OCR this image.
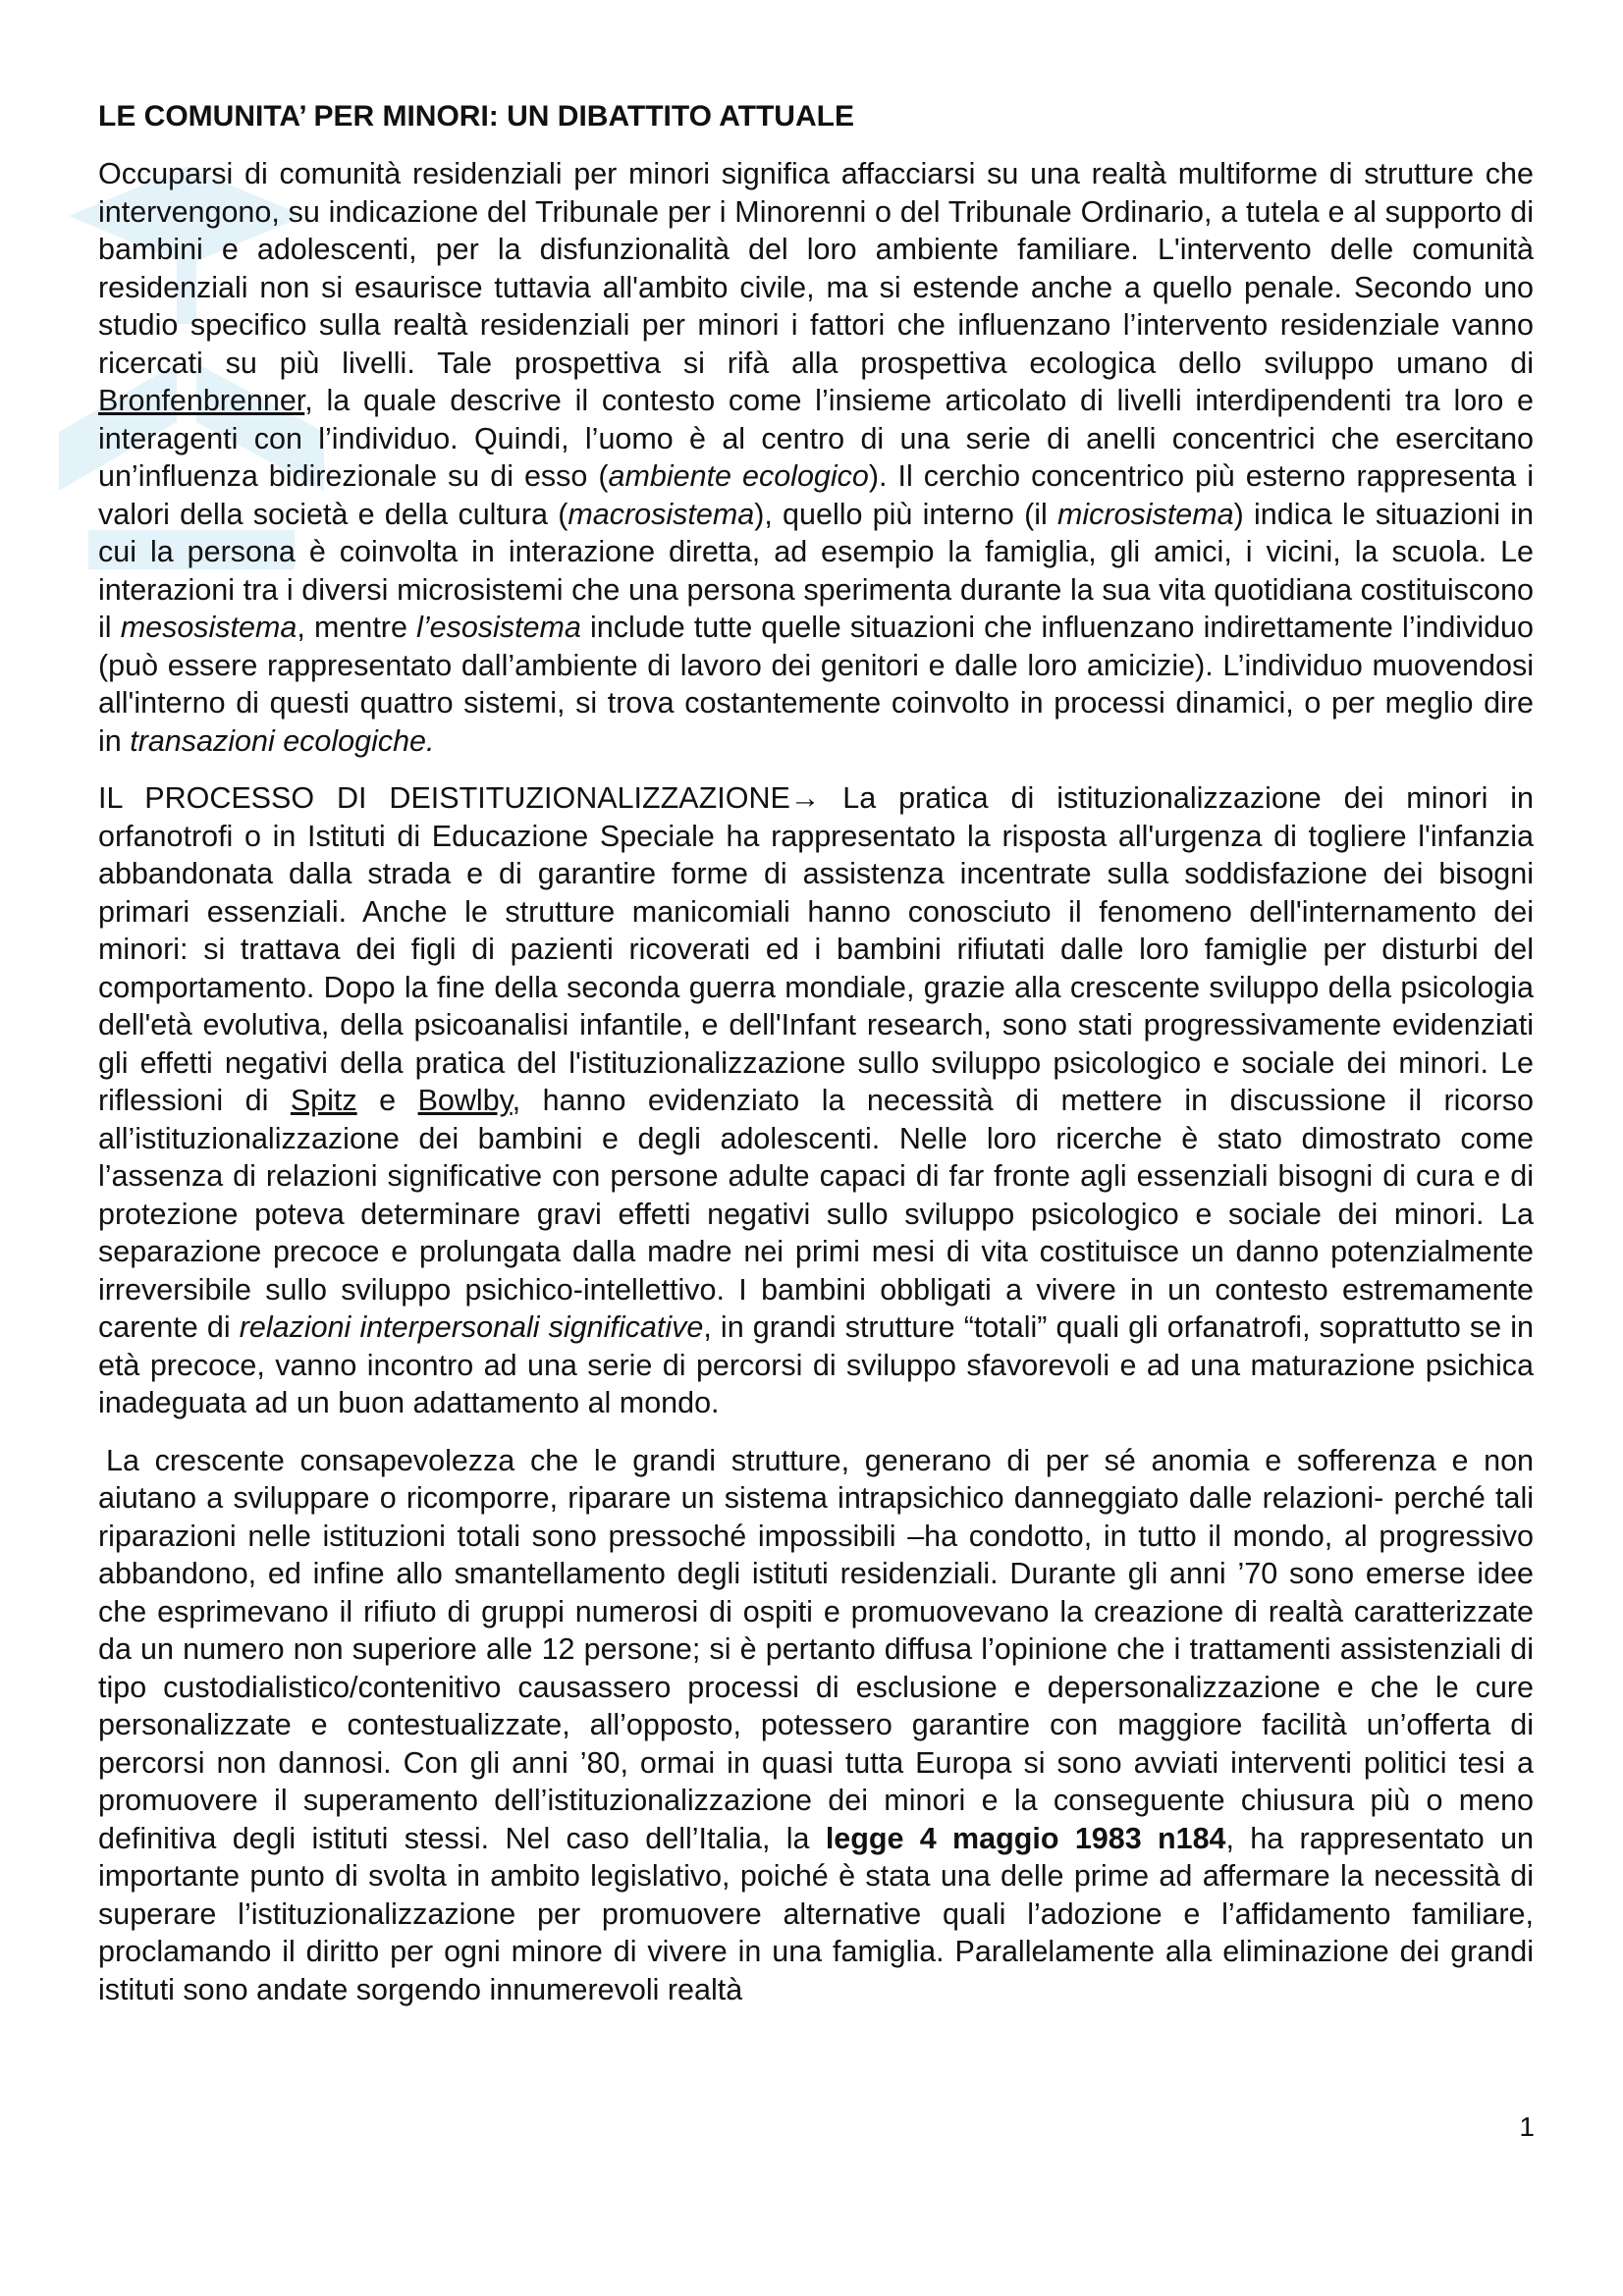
LE COMUNITA’ PER MINORI: UN DIBATTITO ATTUALE

Occuparsi di comunità residenziali per minori significa affacciarsi su una realtà multiforme di strutture che intervengono, su indicazione del Tribunale per i Minorenni o del Tribunale Ordinario, a tutela e al supporto di bambini e adolescenti, per la disfunzionalità del loro ambiente familiare. L'intervento delle comunità residenziali non si esaurisce tuttavia all'ambito civile, ma si estende anche a quello penale. Secondo uno studio specifico sulla realtà residenziali per minori i fattori che influenzano l’intervento residenziale vanno ricercati su più livelli. Tale prospettiva si rifà alla prospettiva ecologica dello sviluppo umano di Bronfenbrenner, la quale descrive il contesto come l’insieme articolato di livelli interdipendenti tra loro e interagenti con l’individuo. Quindi, l’uomo è al centro di una serie di anelli concentrici che esercitano un’influenza bidirezionale su di esso (ambiente ecologico). Il cerchio concentrico più esterno rappresenta i valori della società e della cultura (macrosistema), quello più interno (il microsistema) indica le situazioni in cui la persona è coinvolta in interazione diretta, ad esempio la famiglia, gli amici, i vicini, la scuola. Le interazioni tra i diversi microsistemi che una persona sperimenta durante la sua vita quotidiana costituiscono il mesosistema, mentre l’esosistema include tutte quelle situazioni che influenzano indirettamente l’individuo (può essere rappresentato dall’ambiente di lavoro dei genitori e dalle loro amicizie). L’individuo muovendosi all'interno di questi quattro sistemi, si trova costantemente coinvolto in processi dinamici, o per meglio dire in transazioni ecologiche.

IL PROCESSO DI DEISTITUZIONALIZZAZIONE→ La pratica di istituzionalizzazione dei minori in orfanotrofi o in Istituti di Educazione Speciale ha rappresentato la risposta all'urgenza di togliere l'infanzia abbandonata dalla strada e di garantire forme di assistenza incentrate sulla soddisfazione dei bisogni primari essenziali. Anche le strutture manicomiali hanno conosciuto il fenomeno dell'internamento dei minori: si trattava dei figli di pazienti ricoverati ed i bambini rifiutati dalle loro famiglie per disturbi del comportamento. Dopo la fine della seconda guerra mondiale, grazie alla crescente sviluppo della psicologia dell'età evolutiva, della psicoanalisi infantile, e dell'Infant research, sono stati progressivamente evidenziati gli effetti negativi della pratica del l'istituzionalizzazione sullo sviluppo psicologico e sociale dei minori. Le riflessioni di Spitz e Bowlby, hanno evidenziato la necessità di mettere in discussione il ricorso all’istituzionalizzazione dei bambini e degli adolescenti. Nelle loro ricerche è stato dimostrato come l’assenza di relazioni significative con persone adulte capaci di far fronte agli essenziali bisogni di cura e di protezione poteva determinare gravi effetti negativi sullo sviluppo psicologico e sociale dei minori. La separazione precoce e prolungata dalla madre nei primi mesi di vita costituisce un danno potenzialmente irreversibile sullo sviluppo psichico-intellettivo. I bambini obbligati a vivere in un contesto estremamente carente di relazioni interpersonali significative, in grandi strutture “totali” quali gli orfanatrofi, soprattutto se in età precoce, vanno incontro ad una serie di percorsi di sviluppo sfavorevoli e ad una maturazione psichica inadeguata ad un buon adattamento al mondo.

La crescente consapevolezza che le grandi strutture, generano di per sé anomia e sofferenza e non aiutano a sviluppare o ricomporre, riparare un sistema intrapsichico danneggiato dalle relazioni- perché tali riparazioni nelle istituzioni totali sono pressoché impossibili –ha condotto, in tutto il mondo, al progressivo abbandono, ed infine allo smantellamento degli istituti residenziali. Durante gli anni ’70 sono emerse idee che esprimevano il rifiuto di gruppi numerosi di ospiti e promuovevano la creazione di realtà caratterizzate da un numero non superiore alle 12 persone; si è pertanto diffusa l’opinione che i trattamenti assistenziali di tipo custodialistico/contenitivo causassero processi di esclusione e depersonalizzazione e che le cure personalizzate e contestualizzate, all’opposto, potessero garantire con maggiore facilità un’offerta di percorsi non dannosi. Con gli anni ’80, ormai in quasi tutta Europa si sono avviati interventi politici tesi a promuovere il superamento dell’istituzionalizzazione dei minori e la conseguente chiusura più o meno definitiva degli istituti stessi. Nel caso dell’Italia, la legge 4 maggio 1983 n184, ha rappresentato un importante punto di svolta in ambito legislativo, poiché è stata una delle prime ad affermare la necessità di superare l’istituzionalizzazione per promuovere alternative quali l’adozione e l’affidamento familiare, proclamando il diritto per ogni minore di vivere in una famiglia. Parallelamente alla eliminazione dei grandi istituti sono andate sorgendo innumerevoli realtà

1
